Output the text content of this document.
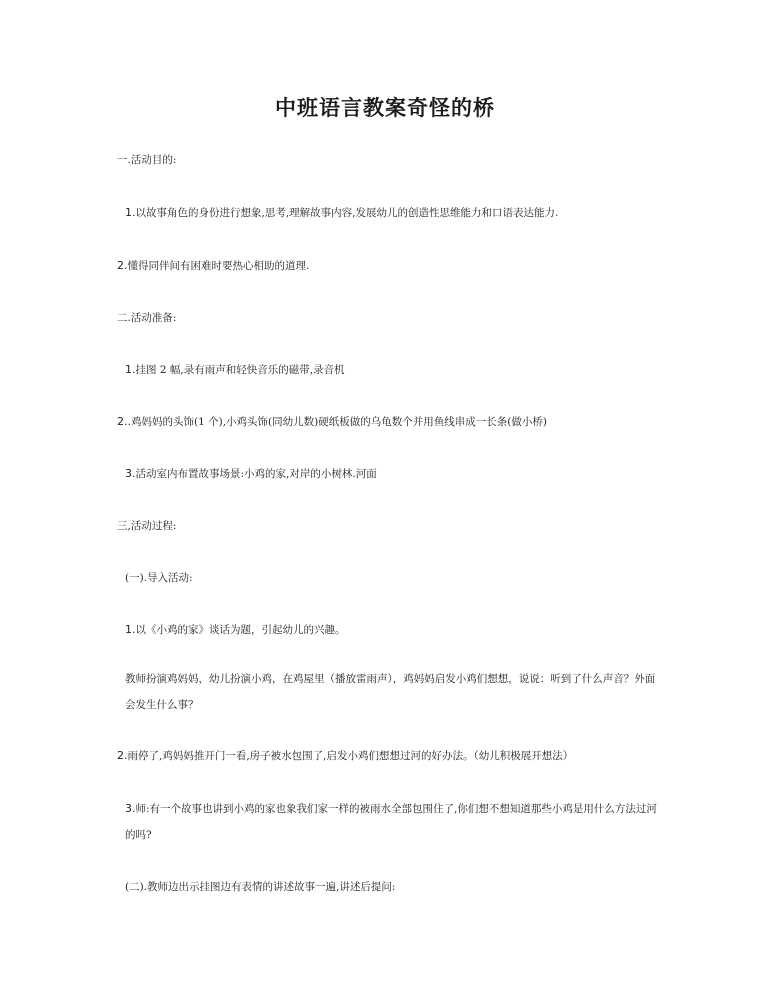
中班语言教案奇怪的桥
一.活动目的:
1.以故事角色的身份进行想象,思考,理解故事内容,发展幼儿的创造性思维能力和口语表达能力.
2.懂得同伴间有困难时要热心相助的道理.
二.活动准备:
1.挂图 2 幅,录有雨声和轻快音乐的磁带,录音机
2..鸡妈妈的头饰(1 个),小鸡头饰(同幼儿数)硬纸板做的乌龟数个并用鱼线串成一长条(做小桥)
3.活动室内布置故事场景:小鸡的家,对岸的小树林.河面
三,活动过程:
(一).导入活动:
1.以《小鸡的家》谈话为题，引起幼儿的兴趣。
教师扮演鸡妈妈，幼儿扮演小鸡，在鸡屋里（播放雷雨声），鸡妈妈启发小鸡们想想，说说：听到了什么声音？外面会发生什么事？
2.雨停了,鸡妈妈推开门一看,房子被水包围了,启发小鸡们想想过河的好办法。（幼儿积极展开想法）
3.师:有一个故事也讲到小鸡的家也象我们家一样的被雨水全部包围住了,你们想不想知道那些小鸡是用什么方法过河的吗?
(二).教师边出示挂图边有表情的讲述故事一遍,讲述后提问:
